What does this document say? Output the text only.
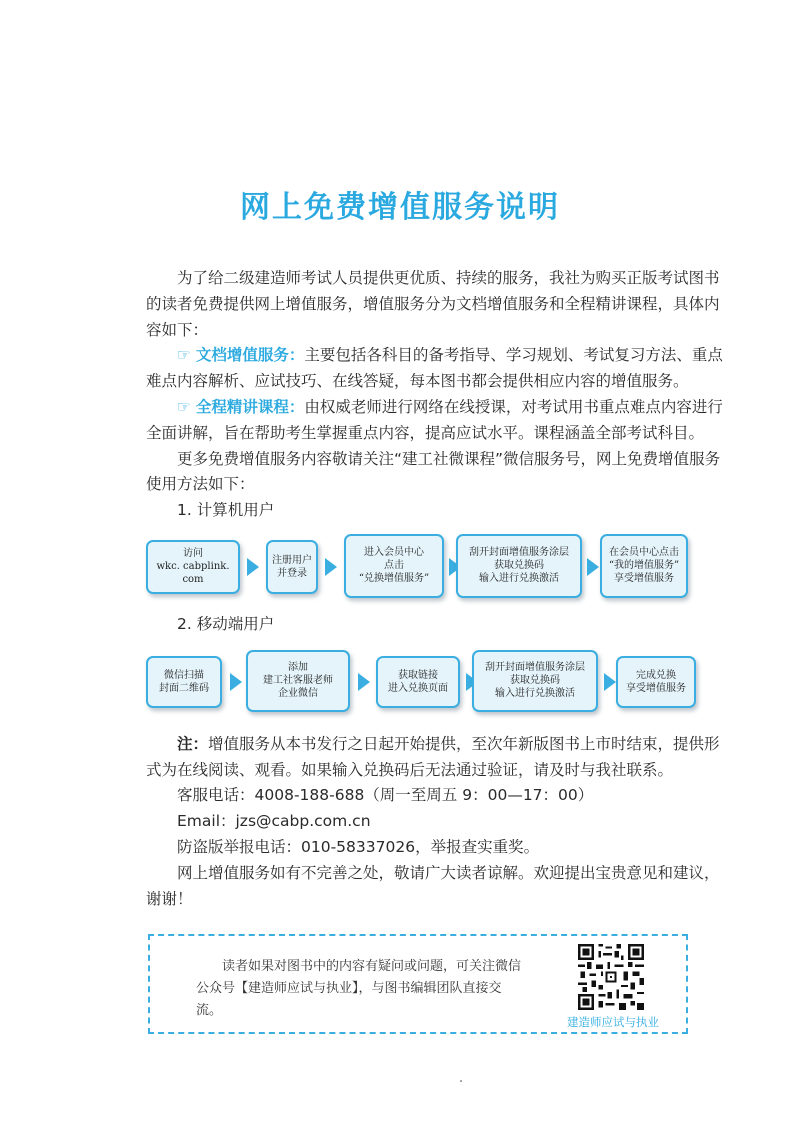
网上免费增值服务说明

为了给二级建造师考试人员提供更优质、持续的服务，我社为购买正版考试图书的读者免费提供网上增值服务，增值服务分为文档增值服务和全程精讲课程，具体内容如下：

☞ 文档增值服务：主要包括各科目的备考指导、学习规划、考试复习方法、重点难点内容解析、应试技巧、在线答疑，每本图书都会提供相应内容的增值服务。

☞ 全程精讲课程：由权威老师进行网络在线授课，对考试用书重点难点内容进行全面讲解，旨在帮助考生掌握重点内容，提高应试水平。课程涵盖全部考试科目。

更多免费增值服务内容敬请关注“建工社微课程”微信服务号，网上免费增值服务使用方法如下：

1. 计算机用户

访问
wkc. cabplink. com
注册用户
并登录
进入会员中心
点击
“兑换增值服务”
刮开封面增值服务涂层
获取兑换码
输入进行兑换激活
在会员中心点击
“我的增值服务”
享受增值服务

2. 移动端用户

微信扫描
封面二维码
添加
建工社客服老师
企业微信
获取链接
进入兑换页面
刮开封面增值服务涂层
获取兑换码
输入进行兑换激活
完成兑换
享受增值服务

注：增值服务从本书发行之日起开始提供，至次年新版图书上市时结束，提供形式为在线阅读、观看。如果输入兑换码后无法通过验证，请及时与我社联系。

客服电话：4008-188-688（周一至周五 9：00—17：00）

Email：jzs@cabp.com.cn

防盗版举报电话：010-58337026，举报查实重奖。

网上增值服务如有不完善之处，敬请广大读者谅解。欢迎提出宝贵意见和建议，谢谢！

读者如果对图书中的内容有疑问或问题，可关注微信公众号【建造师应试与执业】，与图书编辑团队直接交流。
建造师应试与执业
